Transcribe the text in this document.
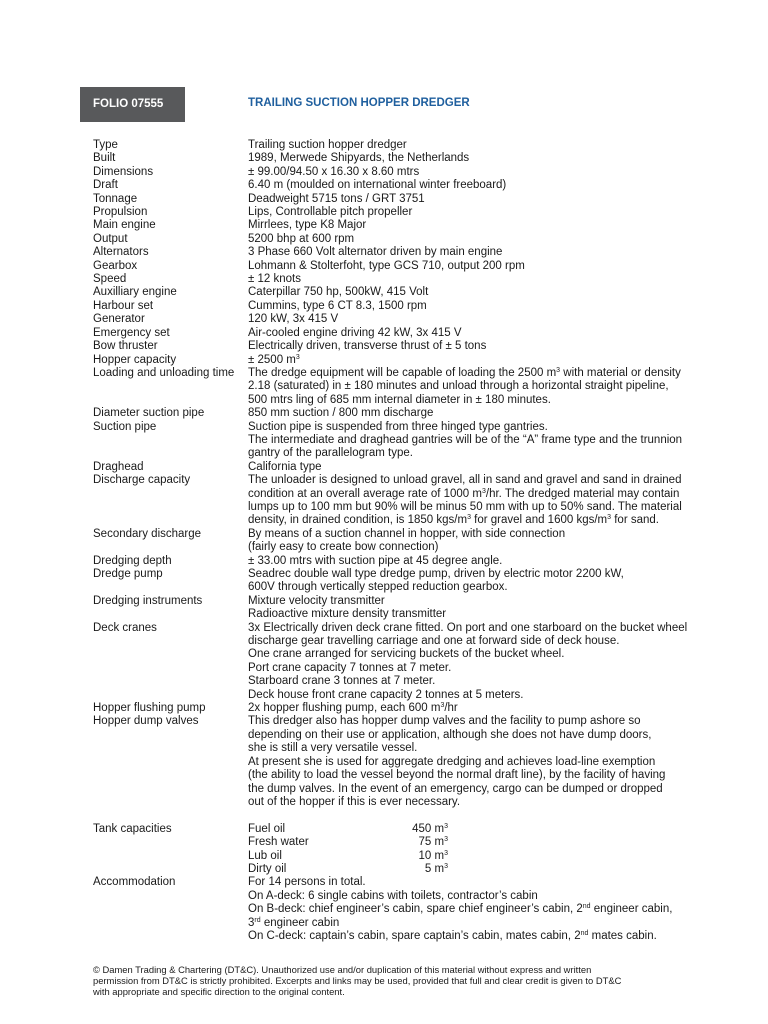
FOLIO 07555	TRAILING SUCTION HOPPER DREDGER
Type	Trailing suction hopper dredger
Built	1989, Merwede Shipyards, the Netherlands
Dimensions	± 99.00/94.50 x 16.30 x 8.60 mtrs
Draft	6.40 m (moulded on international winter freeboard)
Tonnage	Deadweight 5715 tons / GRT 3751
Propulsion	Lips, Controllable pitch propeller
Main engine	Mirrlees, type K8 Major
Output	5200 bhp at 600 rpm
Alternators	3 Phase 660 Volt alternator driven by main engine
Gearbox	Lohmann & Stolterfoht, type GCS 710, output 200 rpm
Speed	± 12 knots
Auxilliary engine	Caterpillar 750 hp, 500kW, 415 Volt
Harbour set	Cummins, type 6 CT 8.3, 1500 rpm
Generator	120 kW, 3x 415 V
Emergency set	Air-cooled engine driving 42 kW, 3x 415 V
Bow thruster	Electrically driven, transverse thrust of ± 5 tons
Hopper capacity	± 2500 $m^3$
Loading and unloading time	The dredge equipment will be capable of loading the 2500 $m^3$ with material or density
2.18 (saturated) in ± 180 minutes and unload through a horizontal straight pipeline,
500 mtrs ling of 685 mm internal diameter in ± 180 minutes.
Diameter suction pipe	850 mm suction / 800 mm discharge
Suction pipe	Suction pipe is suspended from three hinged type gantries.
The intermediate and draghead gantries will be of the “A” frame type and the trunnion
gantry of the parallelogram type.
Draghead	California type
Discharge capacity	The unloader is designed to unload gravel, all in sand and gravel and sand in drained
condition at an overall average rate of 1000 $m^3/hr$. The dredged material may contain
lumps up to 100 mm but 90% will be minus 50 mm with up to 50% sand. The material
density, in drained condition, is 1850 kgs/$m^3$ for gravel and 1600 kgs/$m^3$ for sand.
Secondary discharge	By means of a suction channel in hopper, with side connection
(fairly easy to create bow connection)
Dredging depth	± 33.00 mtrs with suction pipe at 45 degree angle.
Dredge pump	Seadrec double wall type dredge pump, driven by electric motor 2200 kW,
600V through vertically stepped reduction gearbox.
Dredging instruments	Mixture velocity transmitter
Radioactive mixture density transmitter
Deck cranes	3x Electrically driven deck crane fitted. On port and one starboard on the bucket wheel
discharge gear travelling carriage and one at forward side of deck house.
One crane arranged for servicing buckets of the bucket wheel.
Port crane capacity 7 tonnes at 7 meter.
Starboard crane 3 tonnes at 7 meter.
Deck house front crane capacity 2 tonnes at 5 meters.
Hopper flushing pump	2x hopper flushing pump, each 600 $m^3/hr$
Hopper dump valves	This dredger also has hopper dump valves and the facility to pump ashore so
depending on their use or application, although she does not have dump doors,
she is still a very versatile vessel.
At present she is used for aggregate dredging and achieves load-line exemption
(the ability to load the vessel beyond the normal draft line), by the facility of having
the dump valves. In the event of an emergency, cargo can be dumped or dropped
out of the hopper if this is ever necessary.
Tank capacities	Fuel oil	450 $m^3$
Fresh water	75 $m^3$
Lub oil	10 $m^3$
Dirty oil	5 $m^3$
Accommodation	For 14 persons in total.
On A-deck: 6 single cabins with toilets, contractor’s cabin
On B-deck: chief engineer’s cabin, spare chief engineer’s cabin, 2nd engineer cabin,
3rd engineer cabin
On C-deck: captain’s cabin, spare captain’s cabin, mates cabin, 2nd mates cabin.
© Damen Trading & Chartering (DT&C). Unauthorized use and/or duplication of this material without express and written
permission from DT&C is strictly prohibited. Excerpts and links may be used, provided that full and clear credit is given to DT&C
with appropriate and specific direction to the original content.
